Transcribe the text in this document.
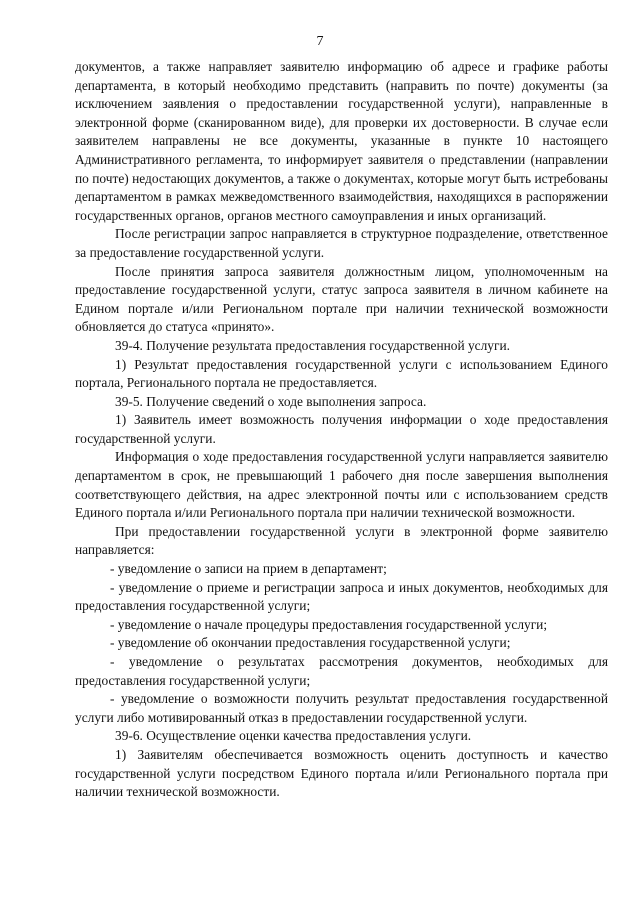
7

документов, а также направляет заявителю информацию об адресе и графике работы департамента, в который необходимо представить (направить по почте) документы (за исключением заявления о предоставлении государственной услуги), направленные в электронной форме (сканированном виде), для проверки их достоверности. В случае если заявителем направлены не все документы, указанные в пункте 10 настоящего Административного регламента, то информирует заявителя о представлении (направлении по почте) недостающих документов, а также о документах, которые могут быть истребованы департаментом в рамках межведомственного взаимодействия, находящихся в распоряжении государственных органов, органов местного самоуправления и иных организаций.

После регистрации запрос направляется в структурное подразделение, ответственное за предоставление государственной услуги.

После принятия запроса заявителя должностным лицом, уполномоченным на предоставление государственной услуги, статус запроса заявителя в личном кабинете на Едином портале и/или Региональном портале при наличии технической возможности обновляется до статуса «принято».

39-4. Получение результата предоставления государственной услуги.

1) Результат предоставления государственной услуги с использованием Единого портала, Регионального портала не предоставляется.

39-5. Получение сведений о ходе выполнения запроса.

1) Заявитель имеет возможность получения информации о ходе предоставления государственной услуги.

Информация о ходе предоставления государственной услуги направляется заявителю департаментом в срок, не превышающий 1 рабочего дня после завершения выполнения соответствующего действия, на адрес электронной почты или с использованием средств Единого портала и/или Регионального портала при наличии технической возможности.

При предоставлении государственной услуги в электронной форме заявителю направляется:

- уведомление о записи на прием в департамент;

- уведомление о приеме и регистрации запроса и иных документов, необходимых для предоставления государственной услуги;

- уведомление о начале процедуры предоставления государственной услуги;

- уведомление об окончании предоставления государственной услуги;

- уведомление о результатах рассмотрения документов, необходимых для предоставления государственной услуги;

- уведомление о возможности получить результат предоставления государственной услуги либо мотивированный отказ в предоставлении государственной услуги.

39-6. Осуществление оценки качества предоставления услуги.

1) Заявителям обеспечивается возможность оценить доступность и качество государственной услуги посредством Единого портала и/или Регионального портала при наличии технической возможности.
